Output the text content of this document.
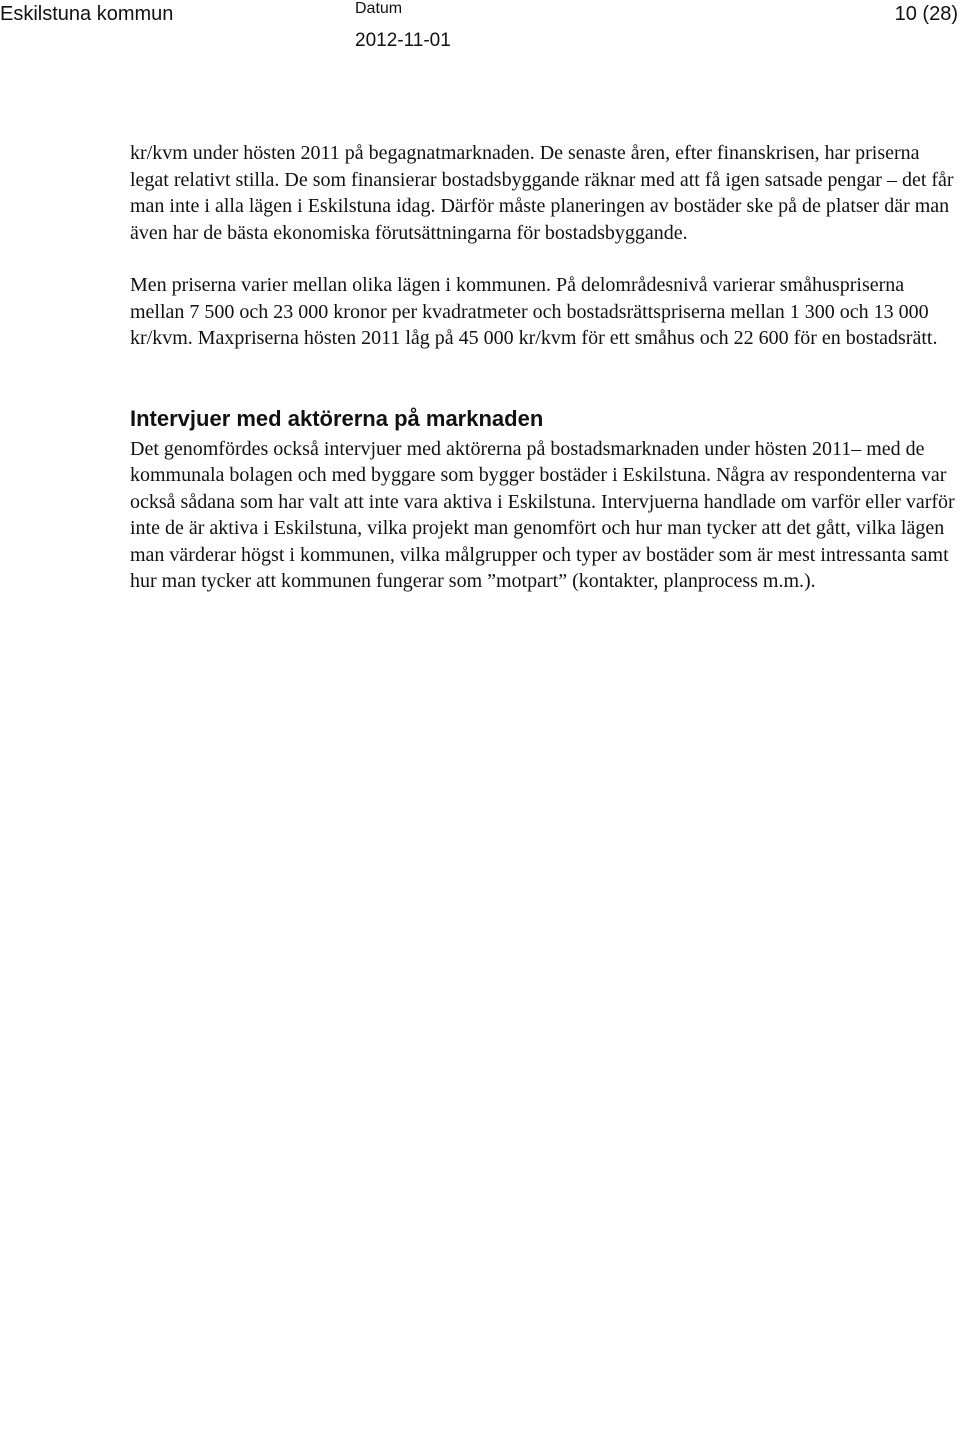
Eskilstuna kommun	Datum
2012-11-01
10 (28)

kr/kvm under hösten 2011 på begagnatmarknaden. De senaste åren, efter finanskrisen, har priserna legat relativt stilla. De som finansierar bostadsbyggande räknar med att få igen satsade pengar – det får man inte i alla lägen i Eskilstuna idag. Därför måste planeringen av bostäder ske på de platser där man även har de bästa ekonomiska förutsättningarna för bostadsbyggande.

Men priserna varier mellan olika lägen i kommunen. På delområdesnivå varierar småhuspriserna mellan 7 500 och 23 000 kronor per kvadratmeter och bostadsrättspriserna mellan 1 300 och 13 000 kr/kvm. Maxpriserna hösten 2011 låg på 45 000 kr/kvm för ett småhus och 22 600 för en bostadsrätt.

Intervjuer med aktörerna på marknaden

Det genomfördes också intervjuer med aktörerna på bostadsmarknaden under hösten 2011– med de kommunala bolagen och med byggare som bygger bostäder i Eskilstuna. Några av respondenterna var också sådana som har valt att inte vara aktiva i Eskilstuna. Intervjuerna handlade om varför eller varför inte de är aktiva i Eskilstuna, vilka projekt man genomfört och hur man tycker att det gått, vilka lägen man värderar högst i kommunen, vilka målgrupper och typer av bostäder som är mest intressanta samt hur man tycker att kommunen fungerar som ”motpart” (kontakter, planprocess m.m.).
